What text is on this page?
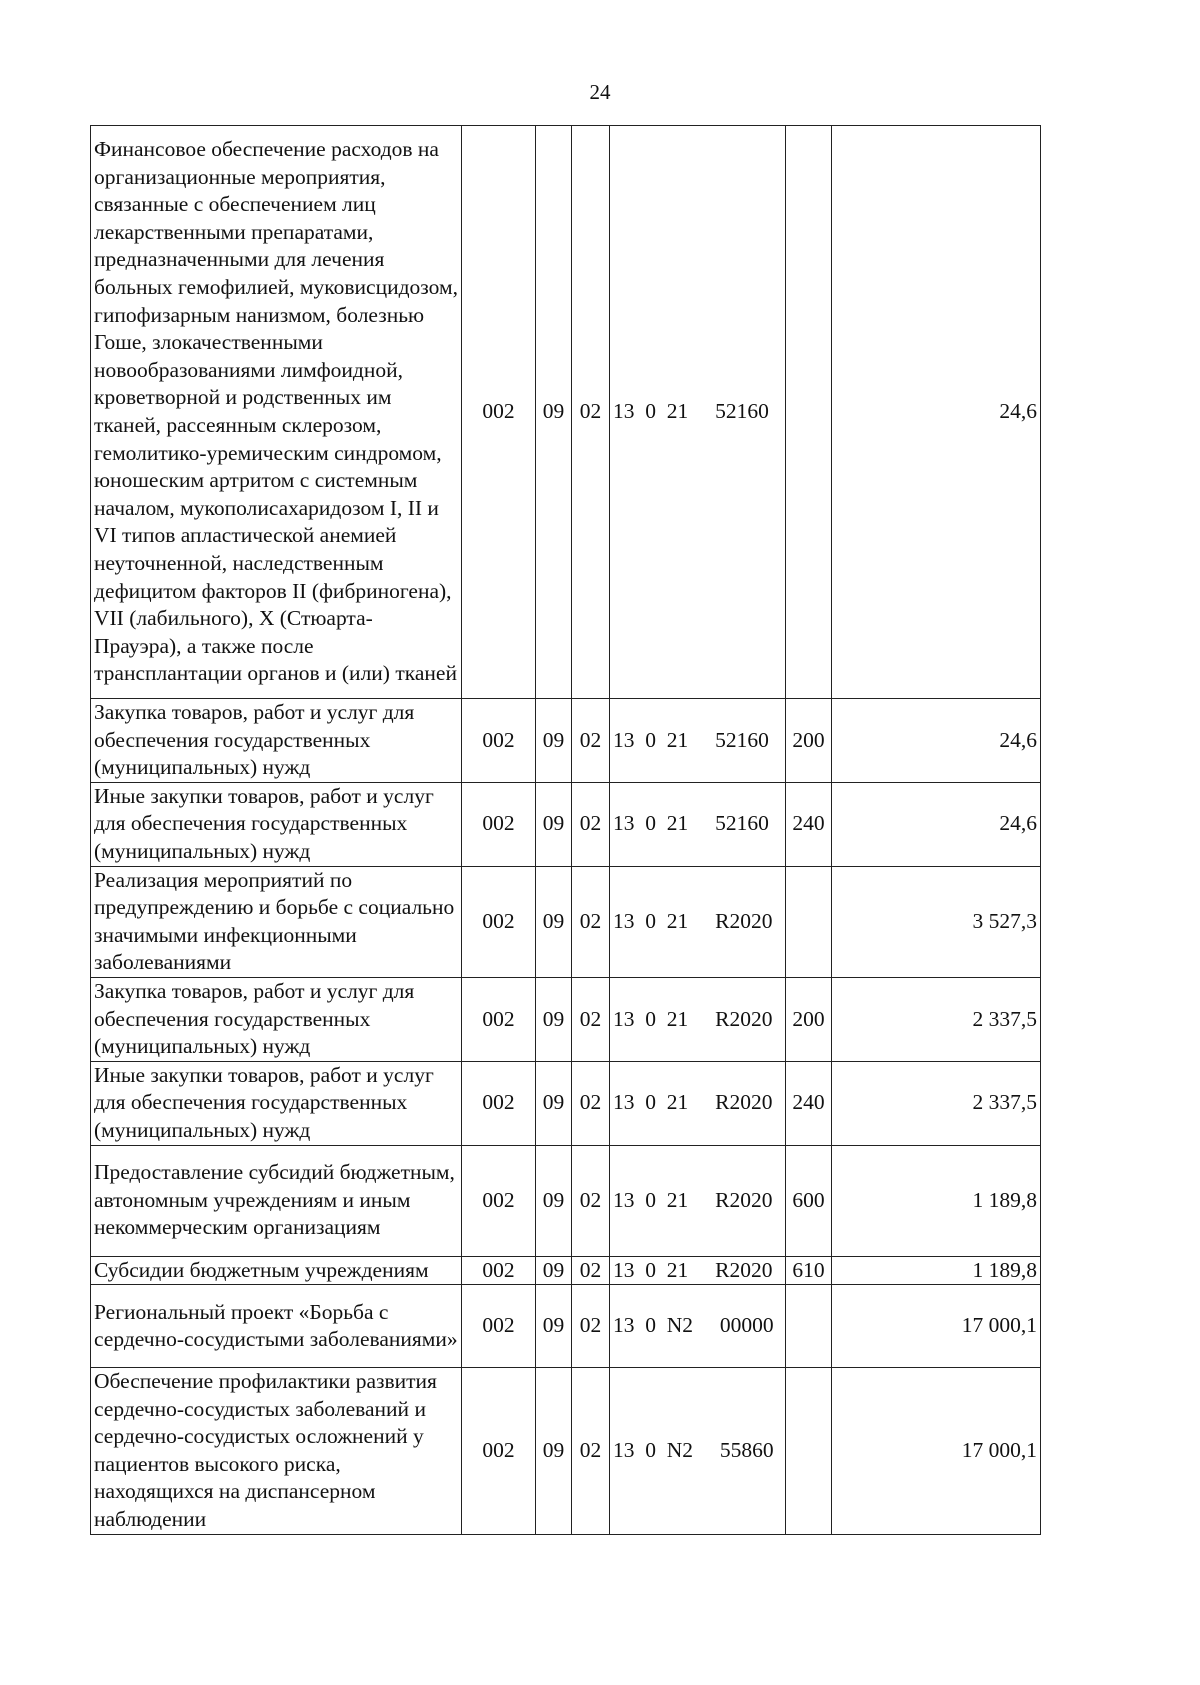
24
Финансовое обеспечение расходов на организационные мероприятия, связанные с обеспечением лиц лекарственными препаратами, предназначенными для лечения больных гемофилией, муковисцидозом, гипофизарным нанизмом, болезнью Гоше, злокачественными новообразованиями лимфоидной, кроветворной и родственных им тканей, рассеянным склерозом, гемолитико-уремическим синдромом, юношеским артритом с системным началом, мукополисахаридозом I, II и VI типов апластической анемией неуточненной, наследственным дефицитом факторов II (фибриногена), VII (лабильного), X (Стюарта-Прауэра), а также после трансплантации органов и (или) тканей	002	09	02	13  0  21     52160		24,6
Закупка товаров, работ и услуг для обеспечения государственных (муниципальных) нужд	002	09	02	13  0  21     52160	200	24,6
Иные закупки товаров, работ и услуг для обеспечения государственных (муниципальных) нужд	002	09	02	13  0  21     52160	240	24,6
Реализация мероприятий по предупреждению и борьбе с социально значимыми инфекционными заболеваниями	002	09	02	13  0  21     R2020		3 527,3
Закупка товаров, работ и услуг для обеспечения государственных (муниципальных) нужд	002	09	02	13  0  21     R2020	200	2 337,5
Иные закупки товаров, работ и услуг для обеспечения государственных (муниципальных) нужд	002	09	02	13  0  21     R2020	240	2 337,5
Предоставление субсидий бюджетным, автономным учреждениям и иным некоммерческим организациям	002	09	02	13  0  21     R2020	600	1 189,8
Субсидии бюджетным учреждениям	002	09	02	13  0  21     R2020	610	1 189,8
Региональный проект «Борьба с сердечно-сосудистыми заболеваниями»	002	09	02	13  0  N2     00000		17 000,1
Обеспечение профилактики развития сердечно-сосудистых заболеваний и сердечно-сосудистых осложнений у пациентов высокого риска, находящихся на диспансерном наблюдении	002	09	02	13  0  N2     55860		17 000,1
